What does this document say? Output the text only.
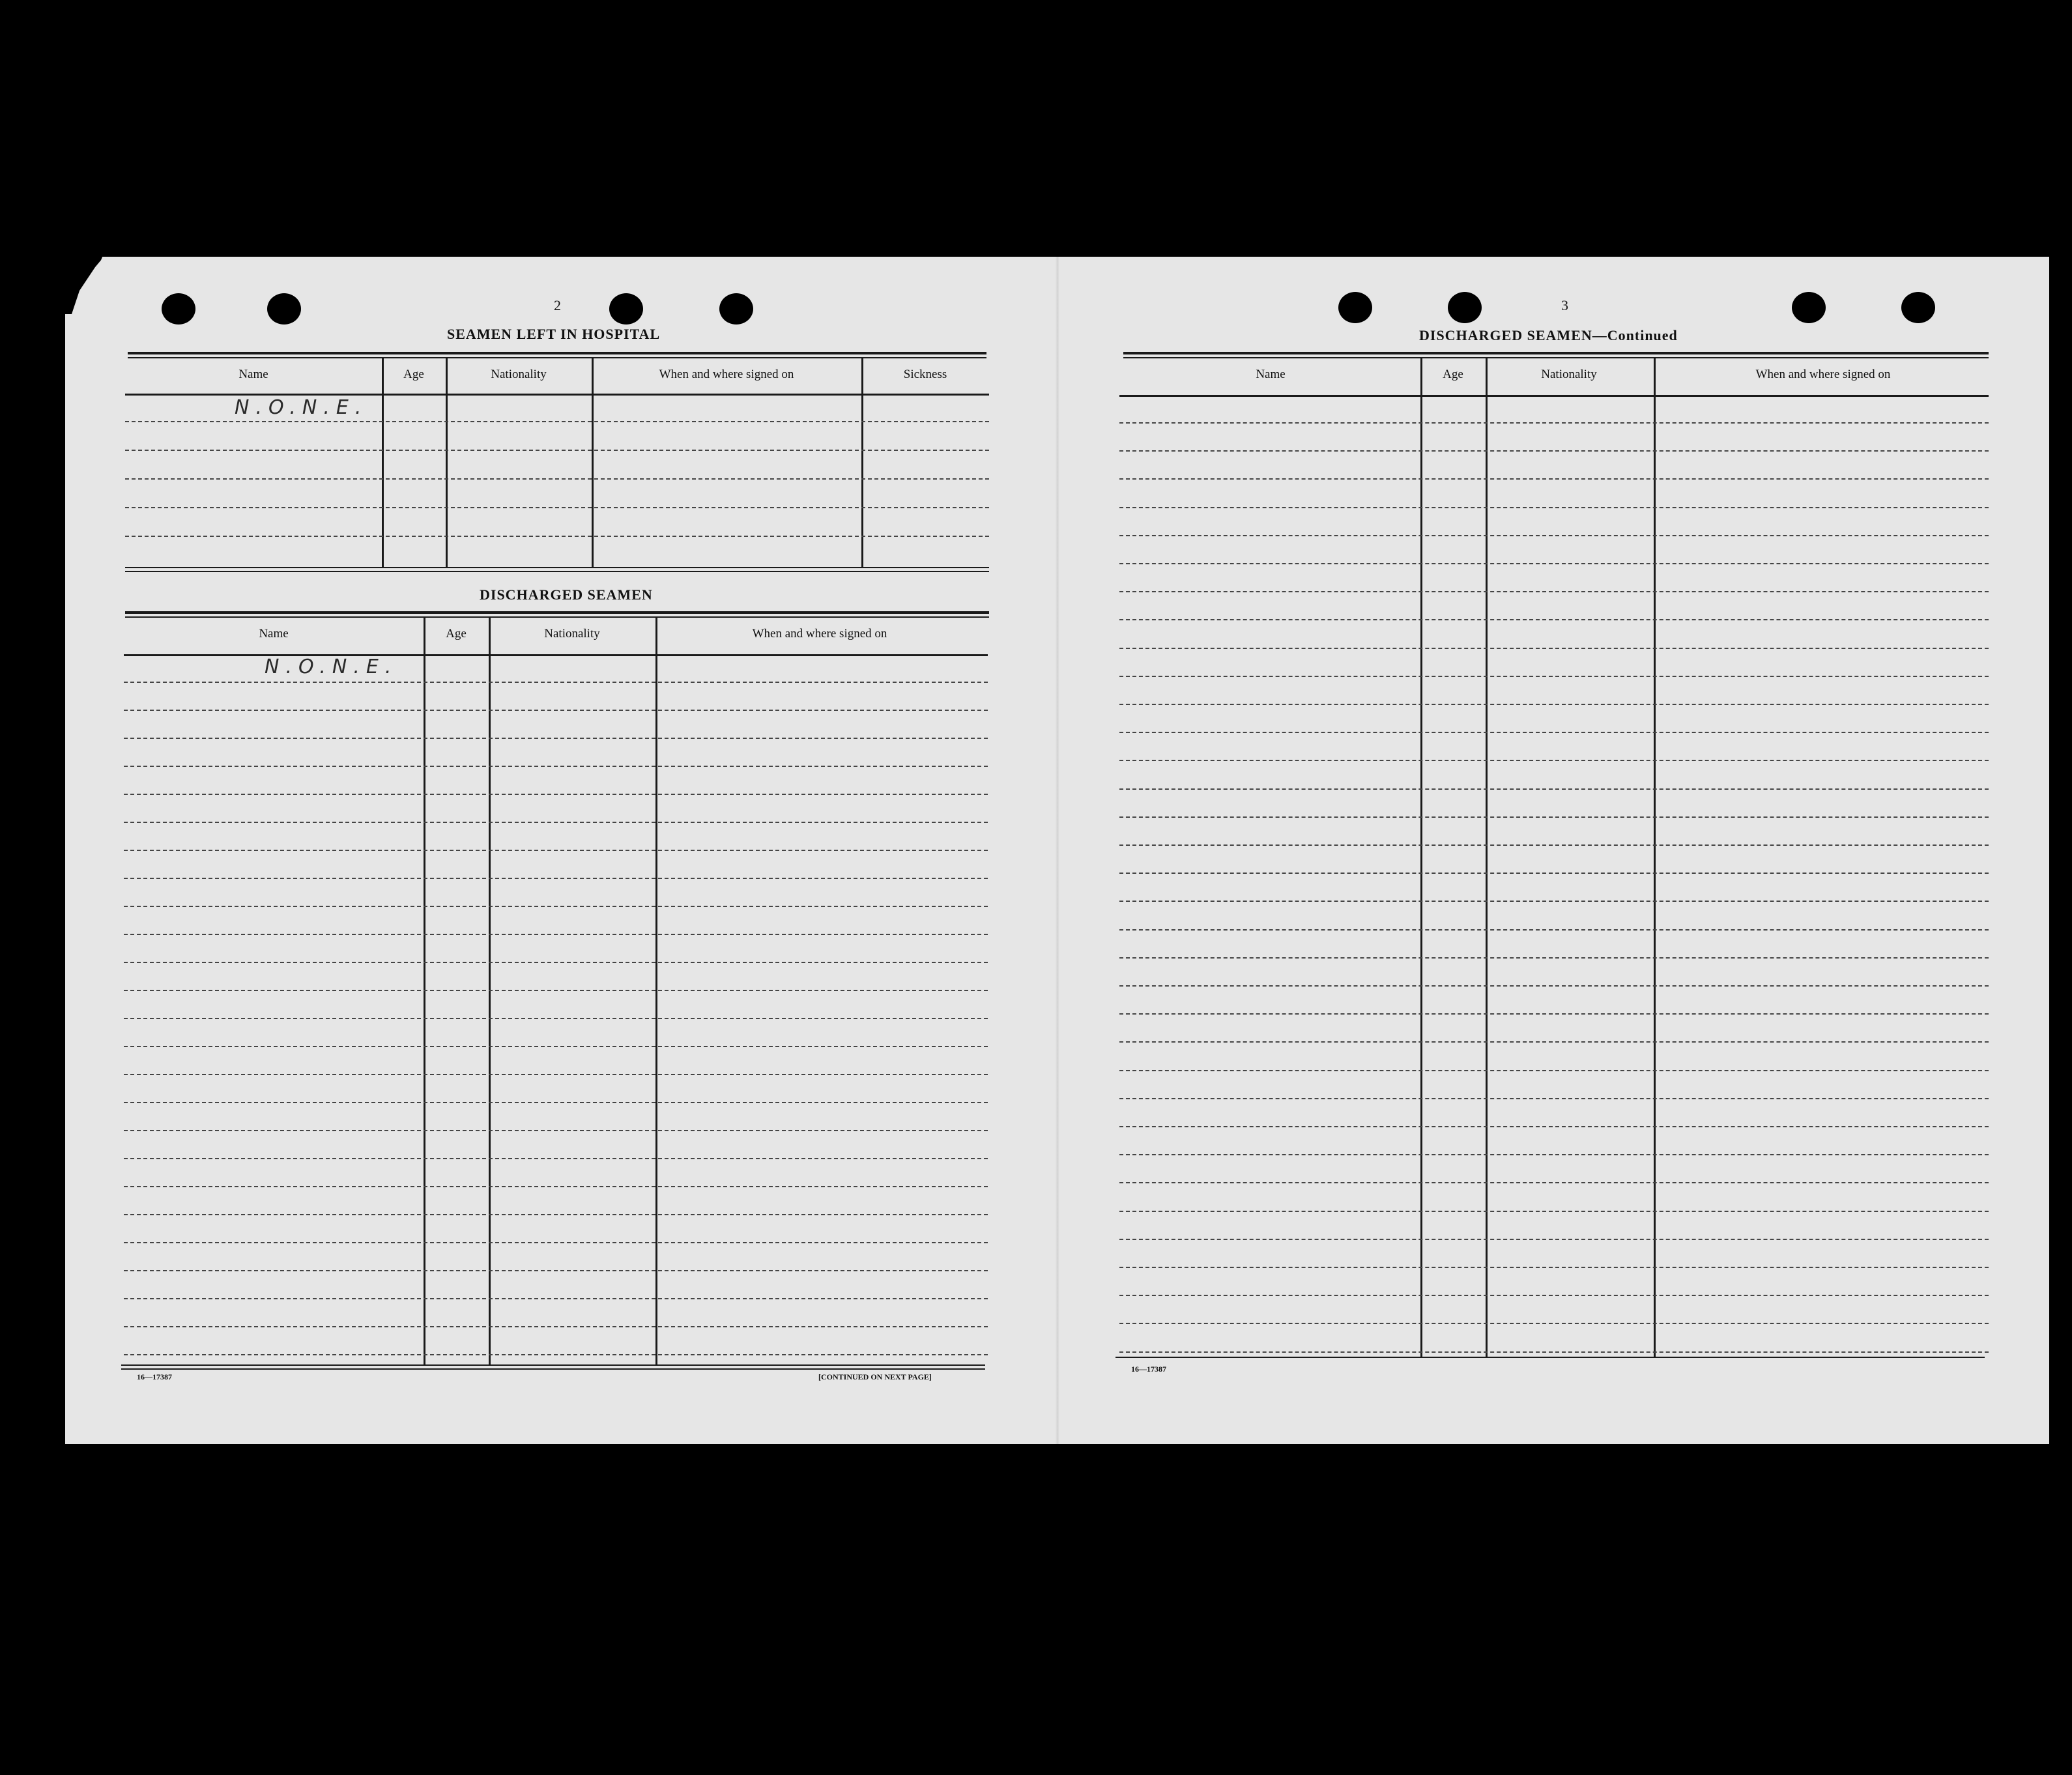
2
SEAMEN LEFT IN HOSPITAL
Name	Age	Nationality	When and where signed on	Sickness
N.O.N.E.
DISCHARGED SEAMEN
Name	Age	Nationality	When and where signed on
N.O.N.E.
16—17387	[CONTINUED ON NEXT PAGE]
3
DISCHARGED SEAMEN—Continued
Name	Age	Nationality	When and where signed on
16—17387
